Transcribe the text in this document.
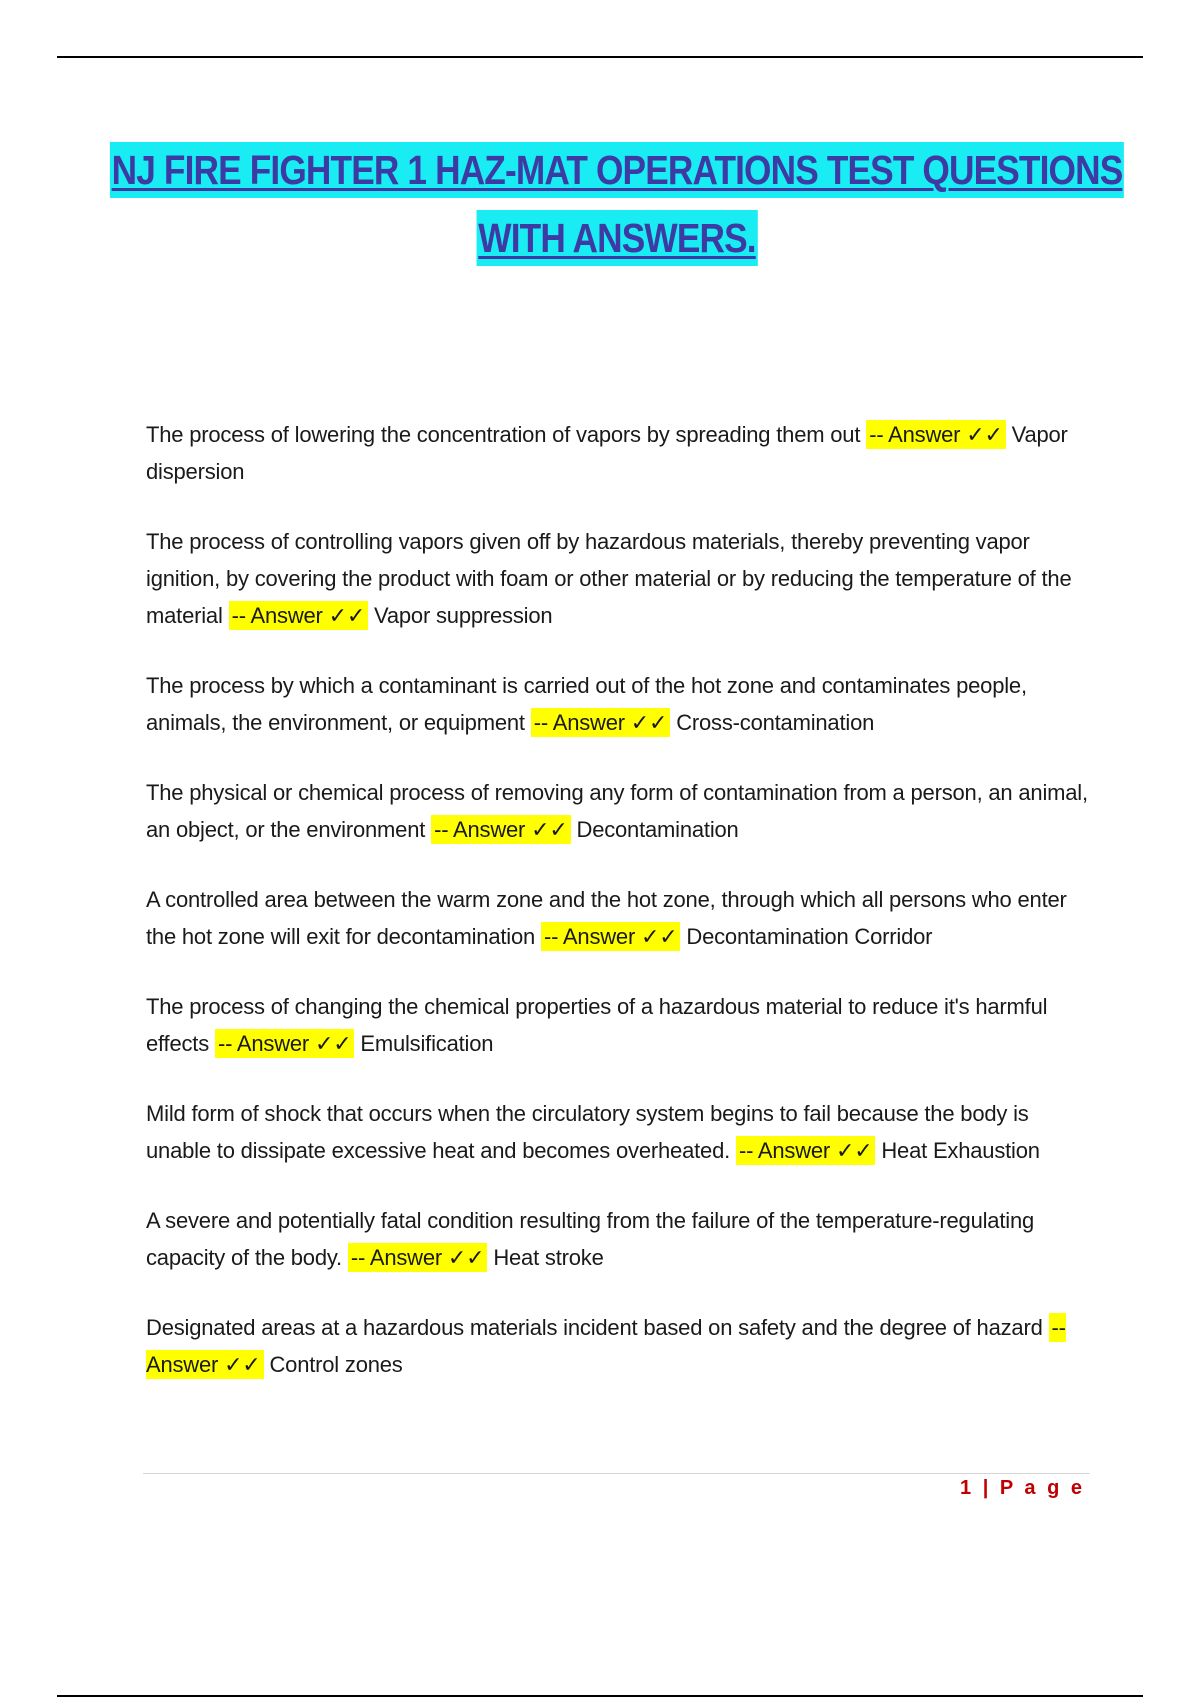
NJ FIRE FIGHTER 1 HAZ-MAT OPERATIONS TEST QUESTIONS
WITH ANSWERS.

The process of lowering the concentration of vapors by spreading them out -- Answer ✓✓ Vapor dispersion

The process of controlling vapors given off by hazardous materials, thereby preventing vapor ignition, by covering the product with foam or other material or by reducing the temperature of the material -- Answer ✓✓ Vapor suppression

The process by which a contaminant is carried out of the hot zone and contaminates people, animals, the environment, or equipment -- Answer ✓✓ Cross-contamination

The physical or chemical process of removing any form of contamination from a person, an animal, an object, or the environment -- Answer ✓✓ Decontamination

A controlled area between the warm zone and the hot zone, through which all persons who enter the hot zone will exit for decontamination -- Answer ✓✓ Decontamination Corridor

The process of changing the chemical properties of a hazardous material to reduce it's harmful effects -- Answer ✓✓ Emulsification

Mild form of shock that occurs when the circulatory system begins to fail because the body is unable to dissipate excessive heat and becomes overheated. -- Answer ✓✓ Heat Exhaustion

A severe and potentially fatal condition resulting from the failure of the temperature-regulating capacity of the body. -- Answer ✓✓ Heat stroke

Designated areas at a hazardous materials incident based on safety and the degree of hazard -- Answer ✓✓ Control zones

1 | P a g e
